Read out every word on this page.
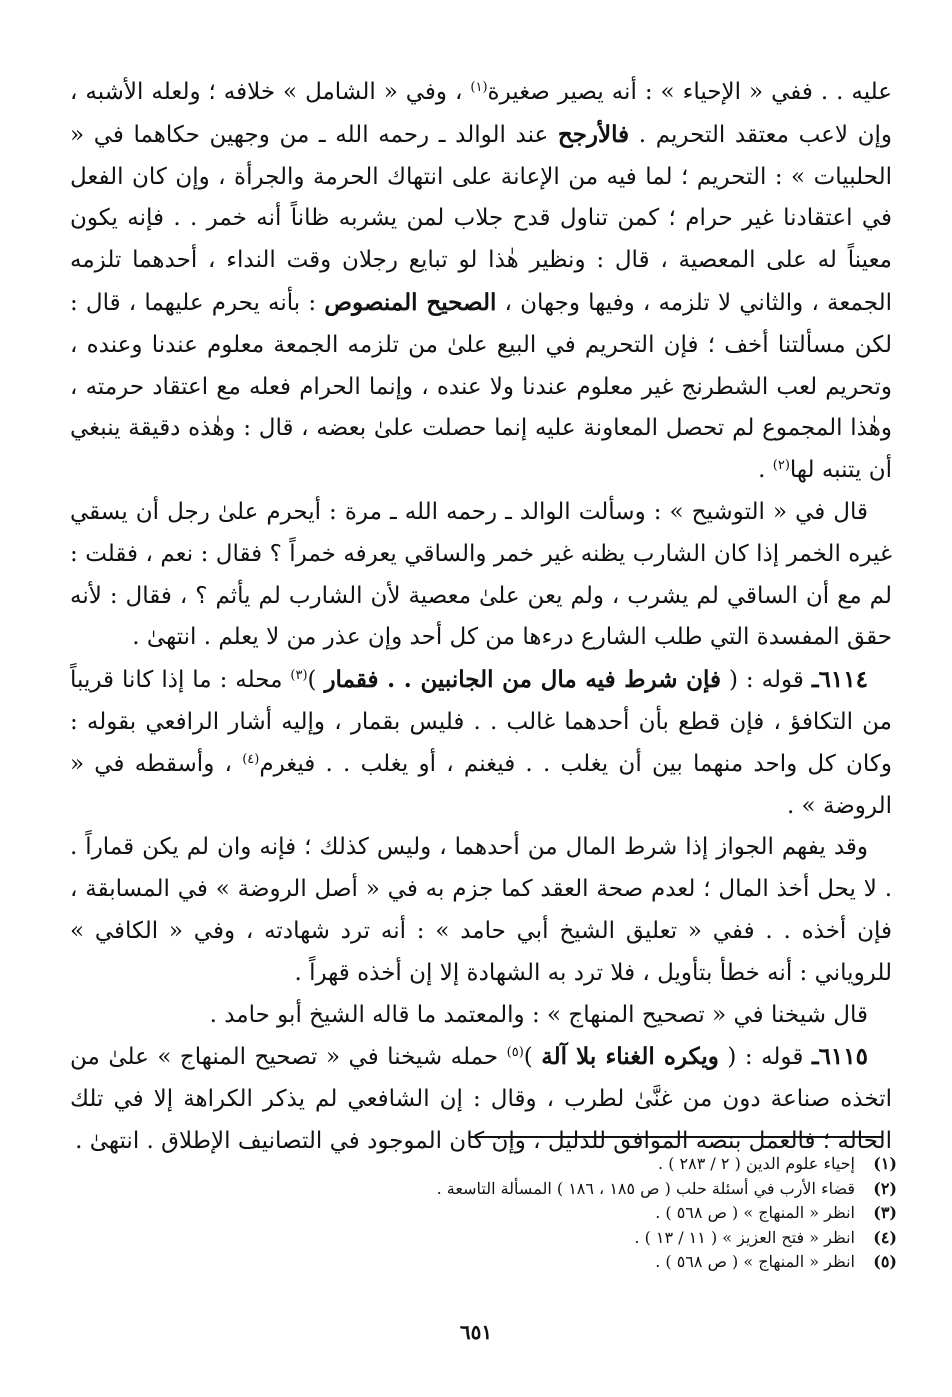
عليه . . ففي « الإحياء » : أنه يصير صغيرة$^{(١)}$ ، وفي « الشامل » خلافه ؛ ولعله الأشبه ، وإن لاعب معتقد التحريم . فالأرجح عند الوالد ـ رحمه الله ـ من وجهين حكاهما في « الحلبيات » : التحريم ؛ لما فيه من الإعانة على انتهاك الحرمة والجرأة ، وإن كان الفعل في اعتقادنا غير حرام ؛ كمن تناول قدح جلاب لمن يشربه ظاناً أنه خمر . . فإنه يكون معيناً له على المعصية ، قال : ونظير هٰذا لو تبايع رجلان وقت النداء ، أحدهما تلزمه الجمعة ، والثاني لا تلزمه ، وفيها وجهان ، الصحيح المنصوص : بأنه يحرم عليهما ، قال : لكن مسألتنا أخف ؛ فإن التحريم في البيع علىٰ من تلزمه الجمعة معلوم عندنا وعنده ، وتحريم لعب الشطرنج غير معلوم عندنا ولا عنده ، وإنما الحرام فعله مع اعتقاد حرمته ، وهٰذا المجموع لم تحصل المعاونة عليه إنما حصلت علىٰ بعضه ، قال : وهٰذه دقيقة ينبغي أن يتنبه لها$^{(٢)}$ .

قال في « التوشيح » : وسألت الوالد ـ رحمه الله ـ مرة : أيحرم علىٰ رجل أن يسقي غيره الخمر إذا كان الشارب يظنه غير خمر والساقي يعرفه خمراً ؟ فقال : نعم ، فقلت : لم مع أن الساقي لم يشرب ، ولم يعن علىٰ معصية لأن الشارب لم يأثم ؟ ، فقال : لأنه حقق المفسدة التي طلب الشارع درءها من كل أحد وإن عذر من لا يعلم . انتهىٰ .

٦١١٤ـ قوله : ( فإن شرط فيه مال من الجانبين . . فقمار )$^{(٣)}$ محله : ما إذا كانا قريباً من التكافؤ ، فإن قطع بأن أحدهما غالب . . فليس بقمار ، وإليه أشار الرافعي بقوله : وكان كل واحد منهما بين أن يغلب . . فيغنم ، أو يغلب . . فيغرم$^{(٤)}$ ، وأسقطه في « الروضة » .

وقد يفهم الجواز إذا شرط المال من أحدهما ، وليس كذلك ؛ فإنه وان لم يكن قماراً . . لا يحل أخذ المال ؛ لعدم صحة العقد كما جزم به في « أصل الروضة » في المسابقة ، فإن أخذه . . ففي « تعليق الشيخ أبي حامد » : أنه ترد شهادته ، وفي « الكافي » للروياني : أنه خطأ بتأويل ، فلا ترد به الشهادة إلا إن أخذه قهراً .

قال شيخنا في « تصحيح المنهاج » : والمعتمد ما قاله الشيخ أبو حامد .

٦١١٥ـ قوله : ( ويكره الغناء بلا آلة )$^{(٥)}$ حمله شيخنا في « تصحيح المنهاج » علىٰ من اتخذه صناعة دون من غنَّىٰ لطرب ، وقال : إن الشافعي لم يذكر الكراهة إلا في تلك الحالة ؛ فالعمل بنصه الموافق للدليل ، وإن كان الموجود في التصانيف الإطلاق . انتهىٰ .

(١)
إحياء علوم الدين ( ٢ / ٢٨٣ ) .
(٢)
قضاء الأرب في أسئلة حلب ( ص ١٨٥ ، ١٨٦ ) المسألة التاسعة .
(٣)
انظر « المنهاج » ( ص ٥٦٨ ) .
(٤)
انظر « فتح العزيز » ( ١١ / ١٣ ) .
(٥)
انظر « المنهاج » ( ص ٥٦٨ ) .
٦٥١
